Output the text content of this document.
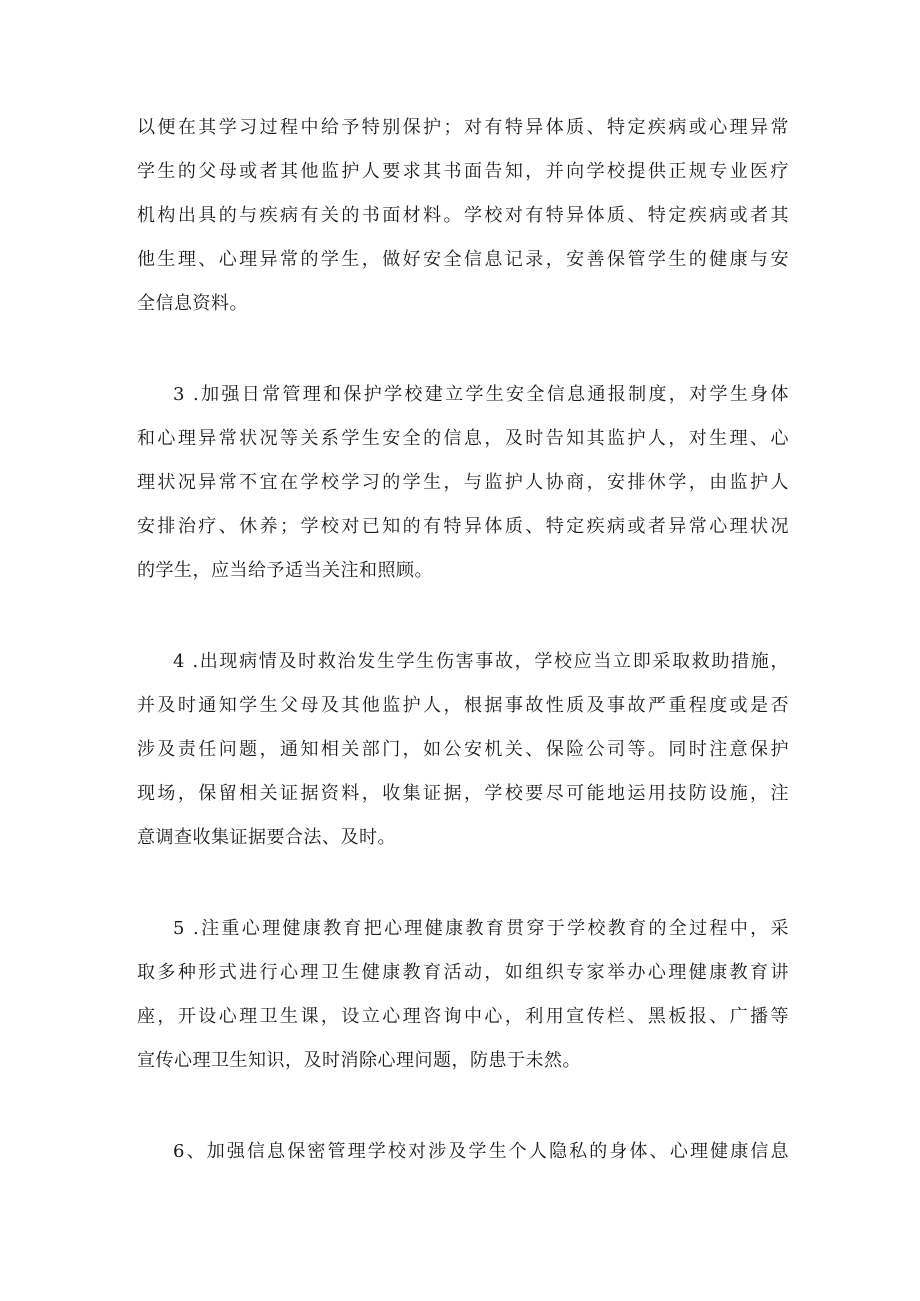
以便在其学习过程中给予特别保护；对有特异体质、特定疾病或心理异常
学生的父母或者其他监护人要求其书面告知，并向学校提供正规专业医疗
机构出具的与疾病有关的书面材料。学校对有特异体质、特定疾病或者其
他生理、心理异常的学生，做好安全信息记录，安善保管学生的健康与安
全信息资料。
3 .加强日常管理和保护学校建立学生安全信息通报制度，对学生身体
和心理异常状况等关系学生安全的信息，及时告知其监护人，对生理、心
理状况异常不宜在学校学习的学生，与监护人协商，安排休学，由监护人
安排治疗、休养；学校对已知的有特异体质、特定疾病或者异常心理状况
的学生，应当给予适当关注和照顾。
4 .出现病情及时救治发生学生伤害事故，学校应当立即采取救助措施，
并及时通知学生父母及其他监护人，根据事故性质及事故严重程度或是否
涉及责任问题，通知相关部门，如公安机关、保险公司等。同时注意保护
现场，保留相关证据资料，收集证据，学校要尽可能地运用技防设施，注
意调查收集证据要合法、及时。
5 .注重心理健康教育把心理健康教育贯穿于学校教育的全过程中，采
取多种形式进行心理卫生健康教育活动，如组织专家举办心理健康教育讲
座，开设心理卫生课，设立心理咨询中心，利用宣传栏、黑板报、广播等
宣传心理卫生知识，及时消除心理问题，防患于未然。
6、加强信息保密管理学校对涉及学生个人隐私的身体、心理健康信息
